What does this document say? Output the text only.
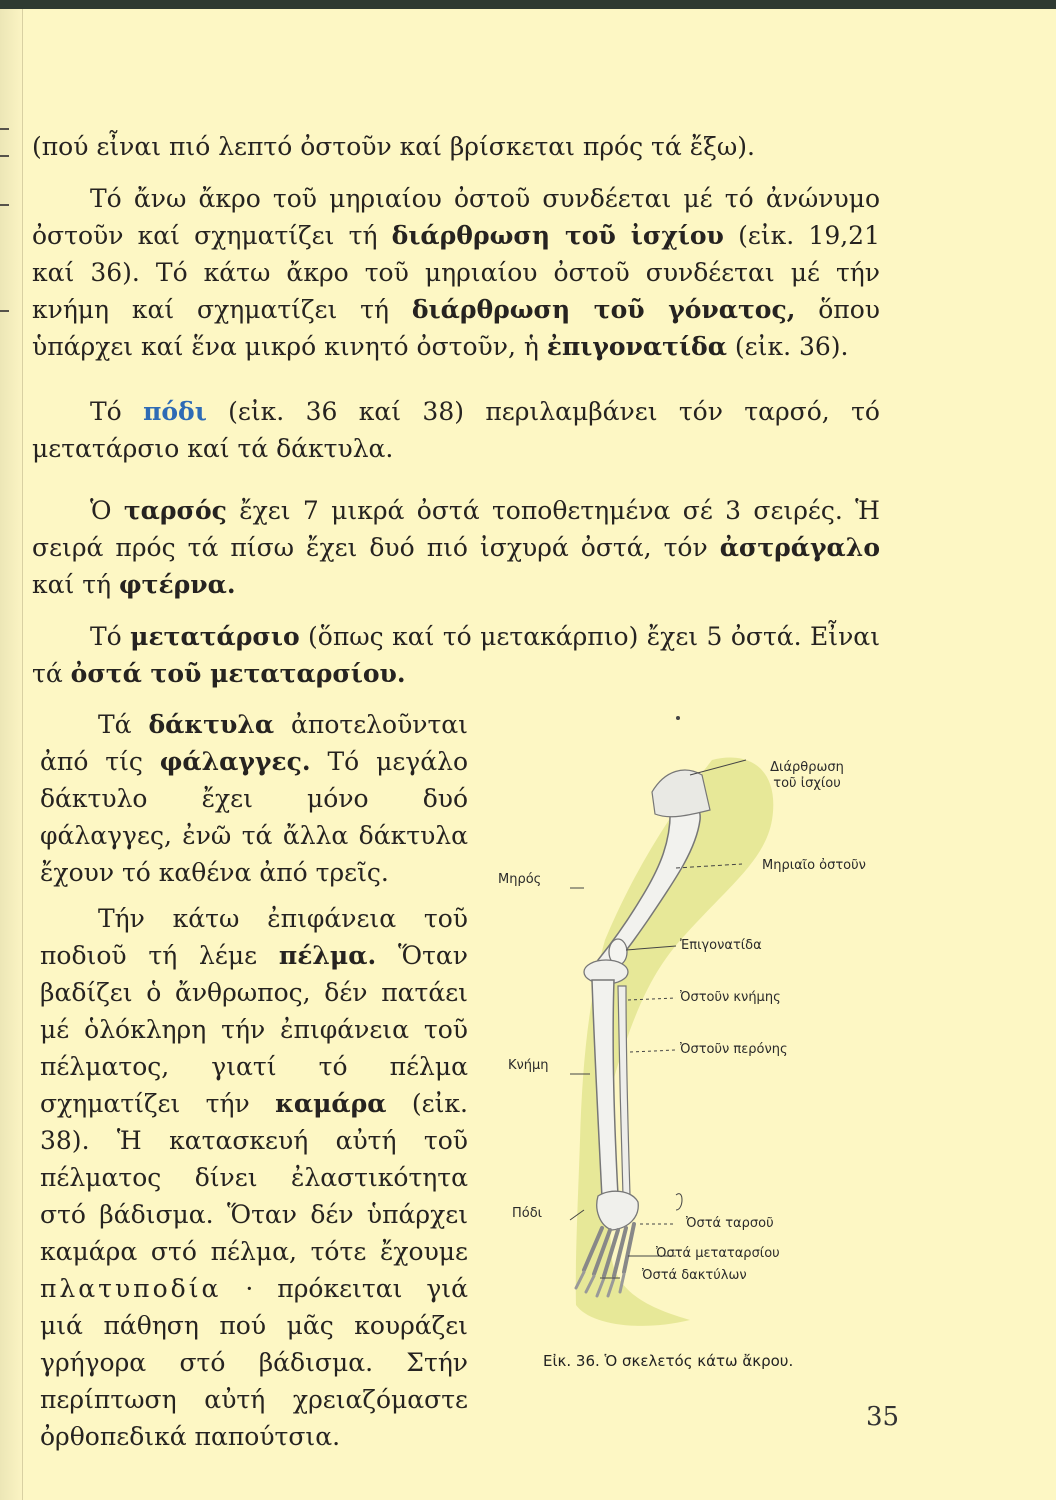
(πού εἶναι πιό λεπτό ὀστοῦν καί βρίσκεται πρός τά ἔξω).

Τό ἄνω ἄκρο τοῦ μηριαίου ὀστοῦ συνδέεται μέ τό ἀνώνυμο ὀστοῦν καί σχηματίζει τή διάρθρωση τοῦ ἰσχίου (εἰκ. 19,21 καί 36). Τό κάτω ἄκρο τοῦ μηριαίου ὀστοῦ συνδέεται μέ τήν κνήμη καί σχηματίζει τή διάρθρωση τοῦ γόνατος, ὅπου ὑπάρχει καί ἕνα μικρό κινητό ὀστοῦν, ἡ ἐπιγονατίδα (εἰκ. 36).

Τό πόδι (εἰκ. 36 καί 38) περιλαμβάνει τόν ταρσό, τό μετατάρσιο καί τά δάκτυλα.

Ὁ ταρσός ἔχει 7 μικρά ὀστά τοποθετημένα σέ 3 σειρές. Ἡ σειρά πρός τά πίσω ἔχει δυό πιό ἰσχυρά ὀστά, τόν ἀστράγαλο καί τή φτέρνα.

Τό μετατάρσιο (ὅπως καί τό μετακάρπιο) ἔχει 5 ὀστά. Εἶναι τά ὀστά τοῦ μεταταρσίου.

Τά δάκτυλα ἀποτελοῦνται ἀπό τίς φάλαγγες. Τό μεγάλο δάκτυλο ἔχει μόνο δυό φάλαγγες, ἐνῶ τά ἄλλα δάκτυλα ἔχουν τό καθένα ἀπό τρεῖς.

Τήν κάτω ἐπιφάνεια τοῦ ποδιοῦ τή λέμε πέλμα. Ὅταν βαδίζει ὁ ἄνθρωπος, δέν πατάει μέ ὁλόκληρη τήν ἐπιφάνεια τοῦ πέλματος, γιατί τό πέλμα σχηματίζει τήν καμάρα (εἰκ. 38). Ἡ κατασκευή αὐτή τοῦ πέλματος δίνει ἐλαστικότητα στό βάδισμα. Ὅταν δέν ὑπάρχει καμάρα στό πέλμα, τότε ἔχουμε πλατυποδία · πρόκειται γιά μιά πάθηση πού μᾶς κουράζει γρήγορα στό βάδισμα. Στήν περίπτωση αὐτή χρειαζόμαστε ὀρθοπεδικά παπούτσια.

Διάρθρωση τοῦ ἰσχίου
Μηρός
Μηριαῖο ὀστοῦν
Ἐπιγονατίδα
Ὀστοῦν κνήμης
Ὀστοῦν περόνης
Κνήμη
Πόδι
Ὀστά ταρσοῦ
Ὀστά μεταταρσίου
Ὀστά δακτύλων
Εἰκ. 36. Ὁ σκελετός κάτω ἄκρου.
35
